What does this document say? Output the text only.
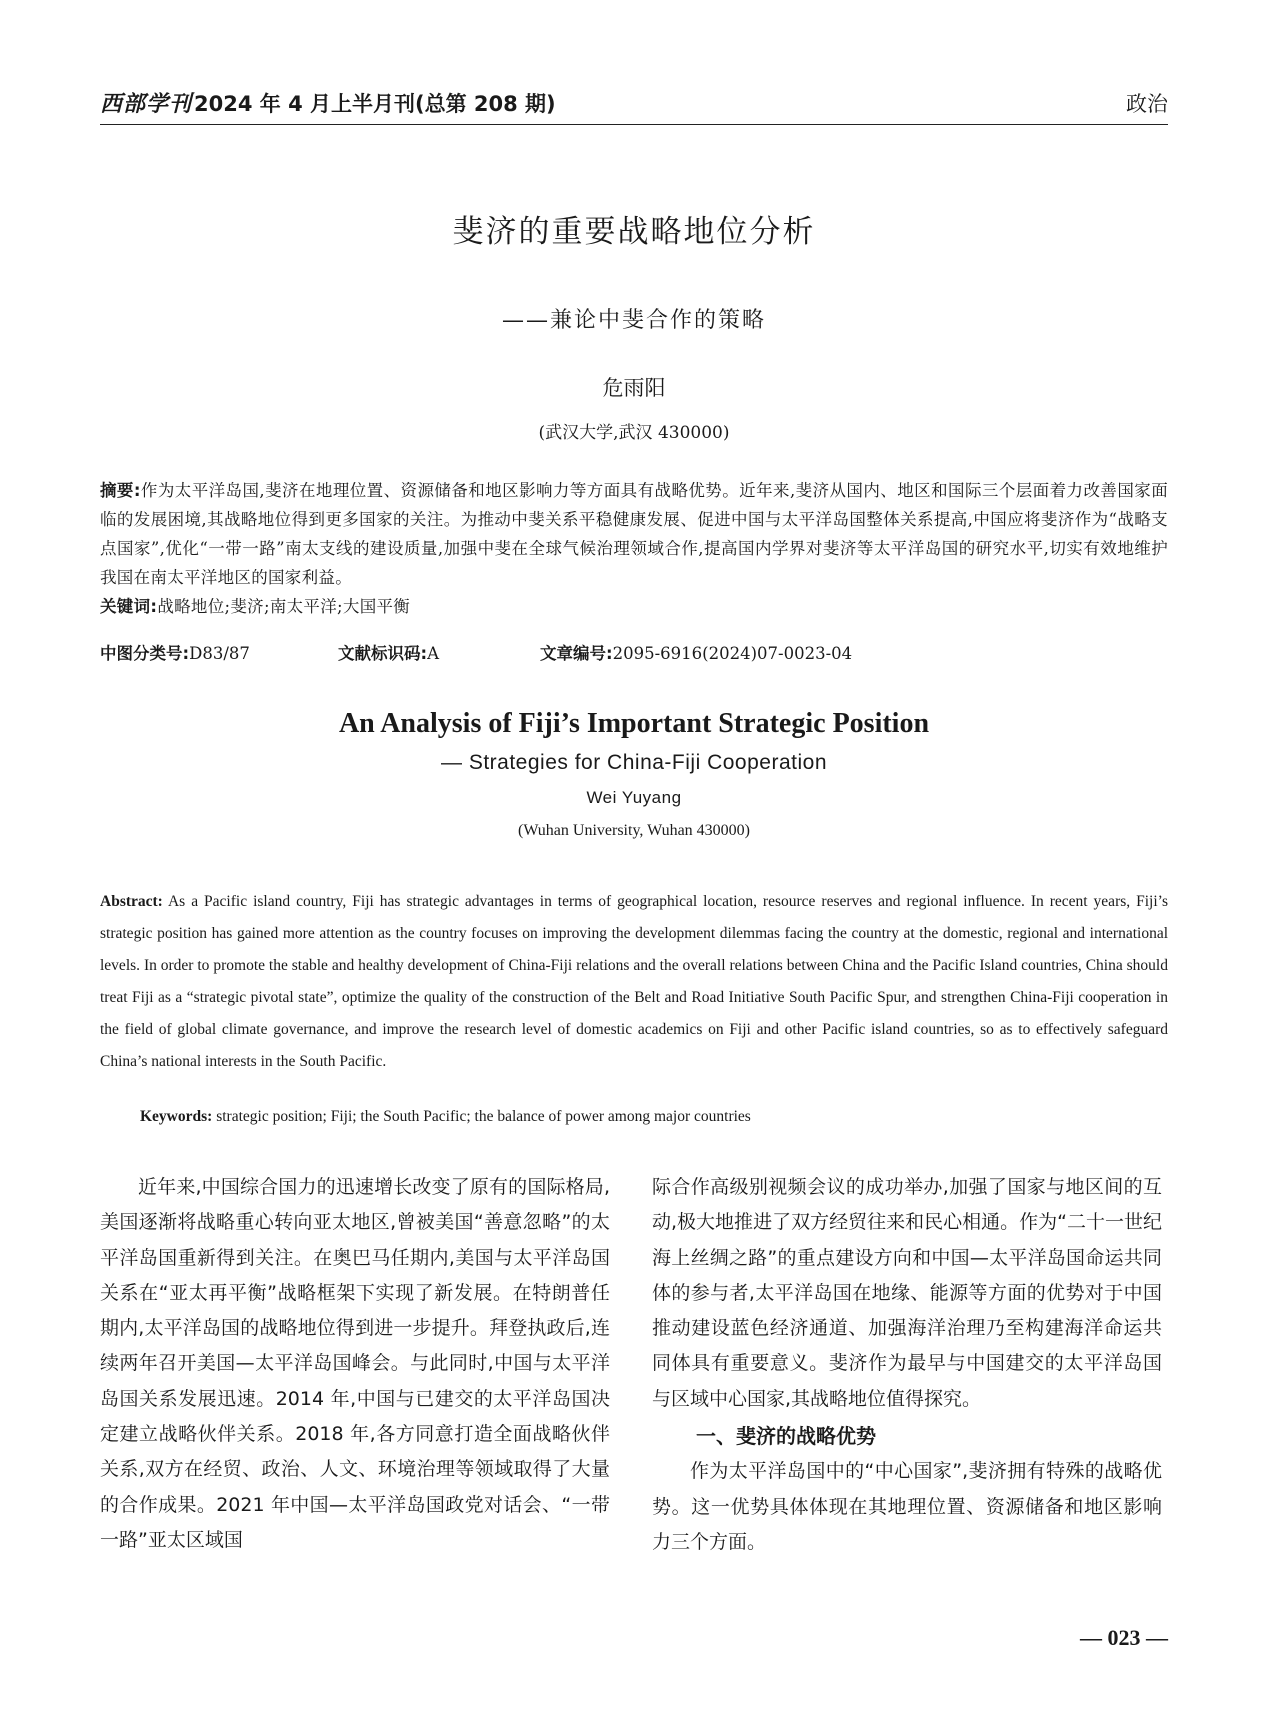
西部学刊 2024 年 4 月上半月刊(总第 208 期)	政治
斐济的重要战略地位分析
——兼论中斐合作的策略
危雨阳
(武汉大学,武汉 430000)
摘要:作为太平洋岛国,斐济在地理位置、资源储备和地区影响力等方面具有战略优势。近年来,斐济从国内、地区和国际三个层面着力改善国家面临的发展困境,其战略地位得到更多国家的关注。为推动中斐关系平稳健康发展、促进中国与太平洋岛国整体关系提高,中国应将斐济作为“战略支点国家”,优化“一带一路”南太支线的建设质量,加强中斐在全球气候治理领域合作,提高国内学界对斐济等太平洋岛国的研究水平,切实有效地维护我国在南太平洋地区的国家利益。
关键词:战略地位;斐济;南太平洋;大国平衡
中图分类号:D83/87	文献标识码:A	文章编号:2095-6916(2024)07-0023-04
An Analysis of Fiji’s Important Strategic Position
— Strategies for China-Fiji Cooperation
Wei Yuyang
(Wuhan University, Wuhan 430000)
Abstract: As a Pacific island country, Fiji has strategic advantages in terms of geographical location, resource reserves and regional influence. In recent years, Fiji’s strategic position has gained more attention as the country focuses on improving the development dilemmas facing the country at the domestic, regional and international levels. In order to promote the stable and healthy development of China-Fiji relations and the overall relations between China and the Pacific Island countries, China should treat Fiji as a “strategic pivotal state”, optimize the quality of the construction of the Belt and Road Initiative South Pacific Spur, and strengthen China-Fiji cooperation in the field of global climate governance, and improve the research level of domestic academics on Fiji and other Pacific island countries, so as to effectively safeguard China’s national interests in the South Pacific.
Keywords: strategic position; Fiji; the South Pacific; the balance of power among major countries

近年来,中国综合国力的迅速增长改变了原有的国际格局,美国逐渐将战略重心转向亚太地区,曾被美国“善意忽略”的太平洋岛国重新得到关注。在奥巴马任期内,美国与太平洋岛国关系在“亚太再平衡”战略框架下实现了新发展。在特朗普任期内,太平洋岛国的战略地位得到进一步提升。拜登执政后,连续两年召开美国—太平洋岛国峰会。与此同时,中国与太平洋岛国关系发展迅速。2014 年,中国与已建交的太平洋岛国决定建立战略伙伴关系。2018 年,各方同意打造全面战略伙伴关系,双方在经贸、政治、人文、环境治理等领域取得了大量的合作成果。2021 年中国—太平洋岛国政党对话会、“一带一路”亚太区域国

际合作高级别视频会议的成功举办,加强了国家与地区间的互动,极大地推进了双方经贸往来和民心相通。作为“二十一世纪海上丝绸之路”的重点建设方向和中国—太平洋岛国命运共同体的参与者,太平洋岛国在地缘、能源等方面的优势对于中国推动建设蓝色经济通道、加强海洋治理乃至构建海洋命运共同体具有重要意义。斐济作为最早与中国建交的太平洋岛国与区域中心国家,其战略地位值得探究。

一、斐济的战略优势

作为太平洋岛国中的“中心国家”,斐济拥有特殊的战略优势。这一优势具体体现在其地理位置、资源储备和地区影响力三个方面。

— 023 —
